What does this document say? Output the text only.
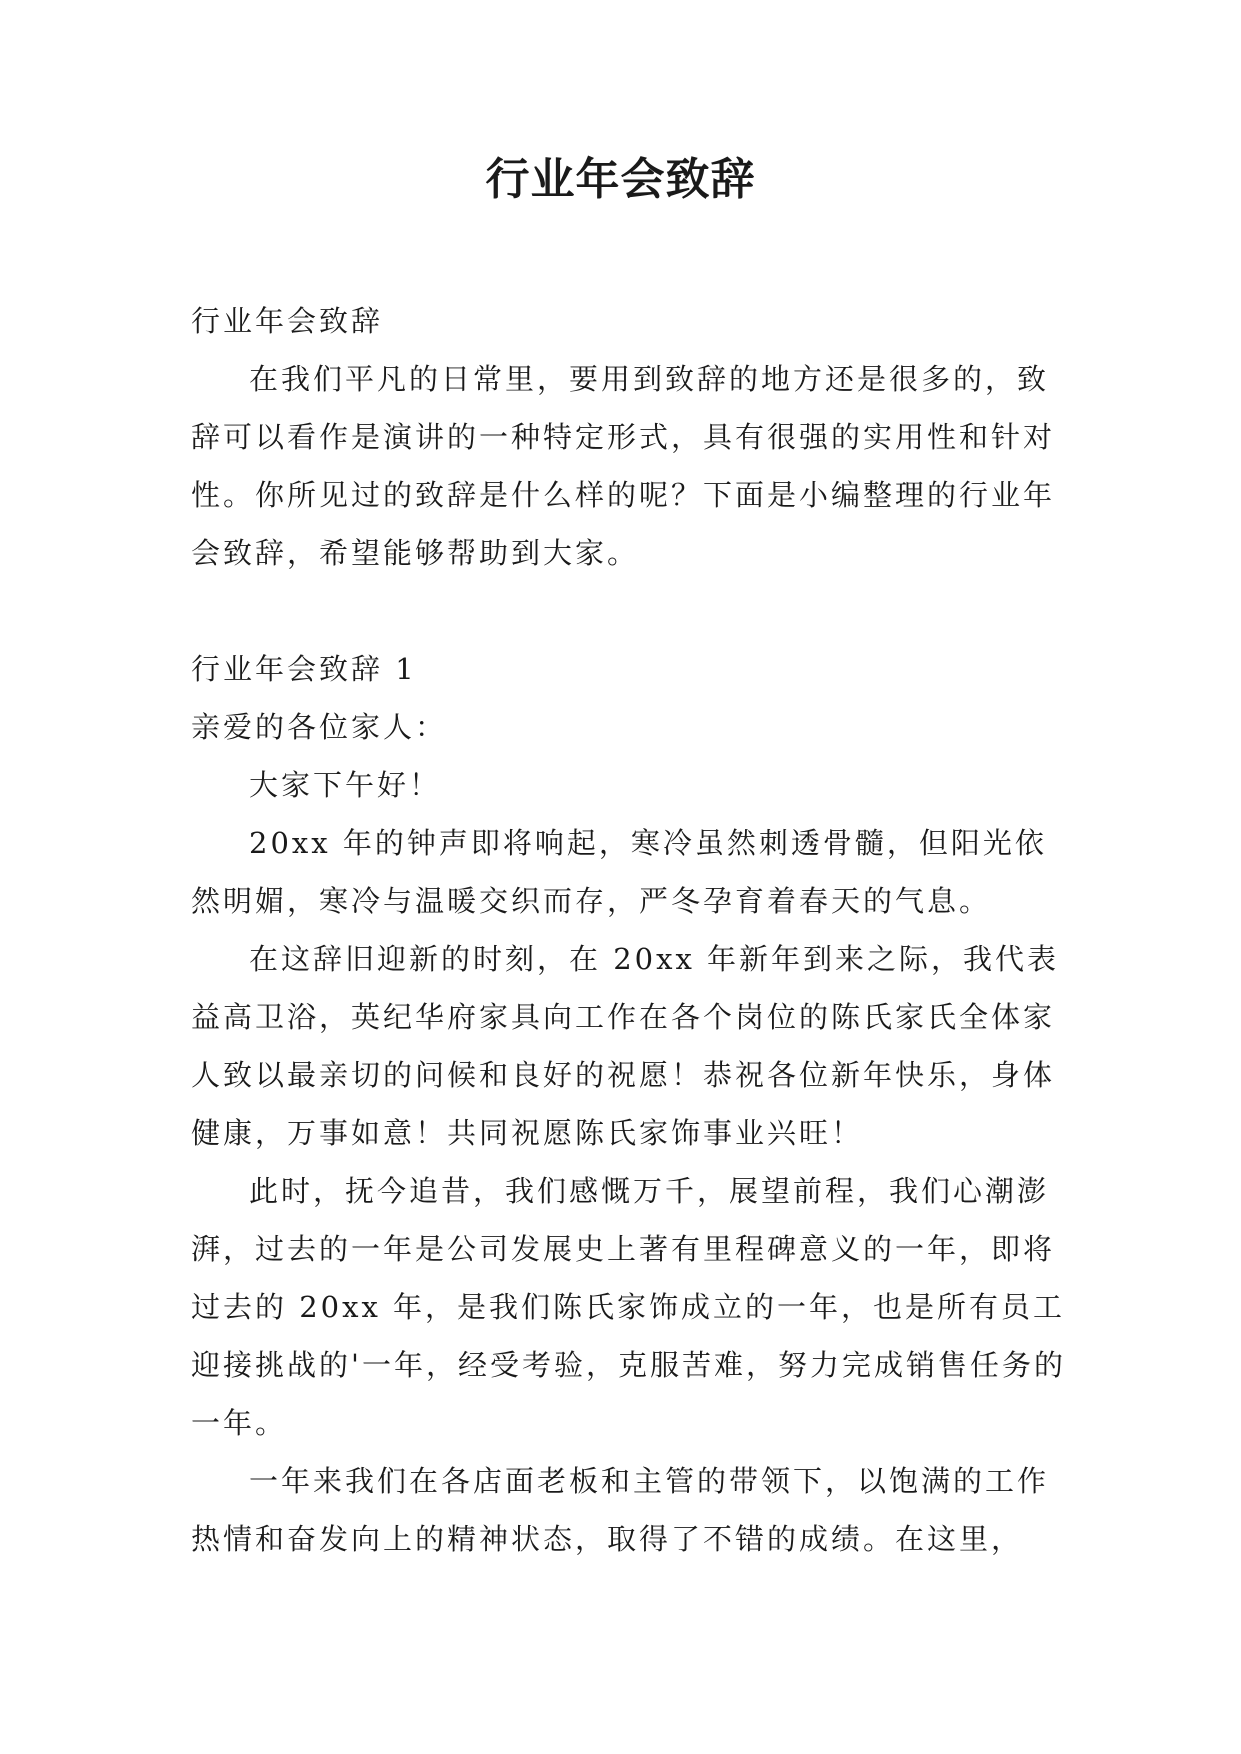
行业年会致辞

行业年会致辞

在我们平凡的日常里，要用到致辞的地方还是很多的，致辞可以看作是演讲的一种特定形式，具有很强的实用性和针对性。你所见过的致辞是什么样的呢？下面是小编整理的行业年会致辞，希望能够帮助到大家。

行业年会致辞 1

亲爱的各位家人：

大家下午好！

20xx 年的钟声即将响起，寒冷虽然刺透骨髓，但阳光依然明媚，寒冷与温暖交织而存，严冬孕育着春天的气息。

在这辞旧迎新的时刻，在 20xx 年新年到来之际，我代表益高卫浴，英纪华府家具向工作在各个岗位的陈氏家氏全体家人致以最亲切的问候和良好的祝愿！恭祝各位新年快乐，身体健康，万事如意！共同祝愿陈氏家饰事业兴旺！

此时，抚今追昔，我们感慨万千，展望前程，我们心潮澎湃，过去的一年是公司发展史上著有里程碑意义的一年，即将过去的 20xx 年，是我们陈氏家饰成立的一年，也是所有员工迎接挑战的'一年，经受考验，克服苦难，努力完成销售任务的一年。

一年来我们在各店面老板和主管的带领下，以饱满的工作热情和奋发向上的精神状态，取得了不错的成绩。在这里，
